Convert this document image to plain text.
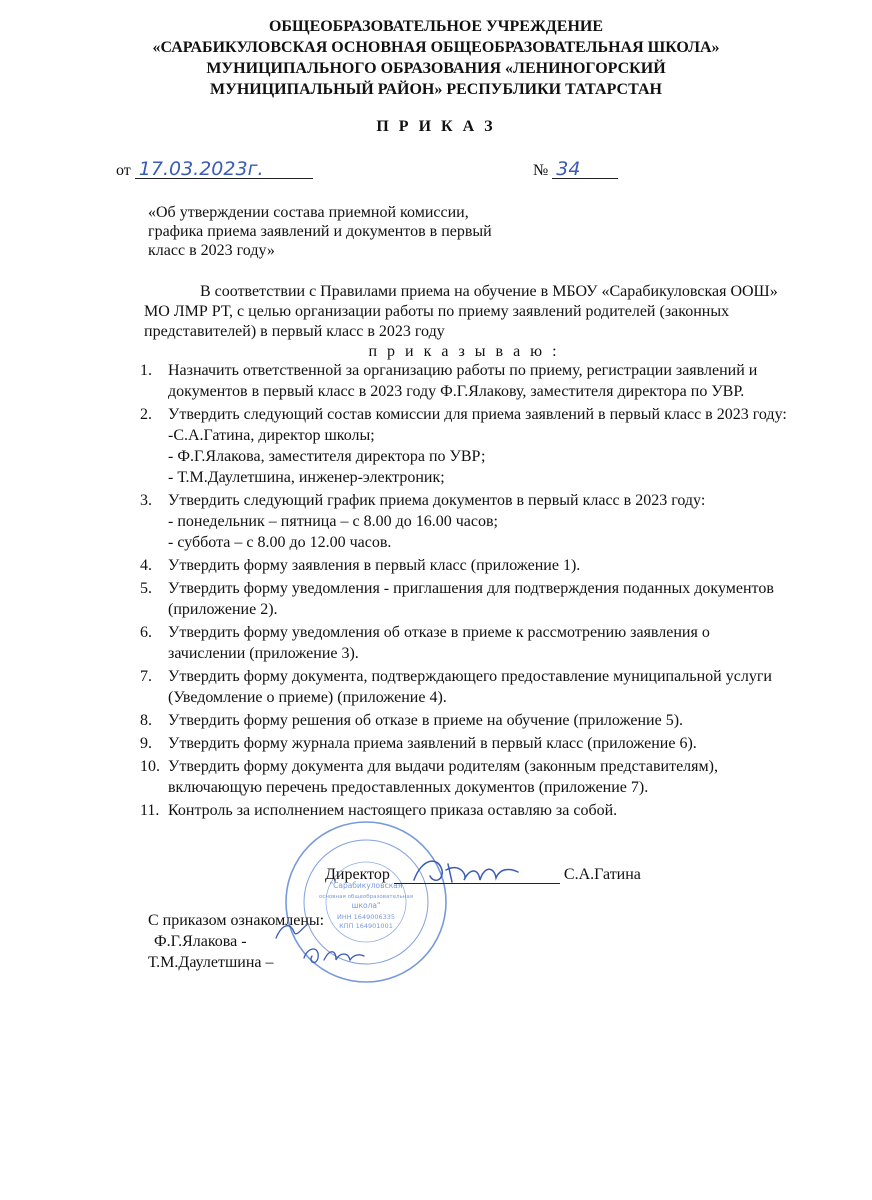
ОБЩЕОБРАЗОВАТЕЛЬНОЕ УЧРЕЖДЕНИЕ
«САРАБИКУЛОВСКАЯ ОСНОВНАЯ ОБЩЕОБРАЗОВАТЕЛЬНАЯ ШКОЛА»
МУНИЦИПАЛЬНОГО ОБРАЗОВАНИЯ «ЛЕНИНОГОРСКИЙ
МУНИЦИПАЛЬНЫЙ РАЙОН» РЕСПУБЛИКИ ТАТАРСТАН
П Р И К А З
от 17.03.2023г.	№ 34
«Об утверждении состава приемной комиссии,
графика приема заявлений и документов в первый
класс в 2023 году»

В соответствии с Правилами приема на обучение в МБОУ «Сарабикуловская ООШ» МО ЛМР РТ, с целью организации работы по приему заявлений родителей (законных представителей) в первый класс в 2023 году

п р и к а з ы в а ю :
1.	Назначить ответственной за организацию работы по приему, регистрации заявлений и документов в первый класс в 2023 году Ф.Г.Ялакову, заместителя директора по УВР.
2.	Утвердить следующий состав комиссии для приема заявлений в первый класс в 2023 году:
-С.А.Гатина, директор школы;
- Ф.Г.Ялакова, заместителя директора по УВР;
- Т.М.Даулетшина, инженер-электроник;
3.	Утвердить следующий график приема документов в первый класс в 2023 году:
- понедельник – пятница – с 8.00 до 16.00 часов;
- суббота – с 8.00 до 12.00 часов.
4.	Утвердить форму заявления в первый класс (приложение 1).
5.	Утвердить форму уведомления - приглашения для подтверждения поданных документов (приложение 2).
6.	Утвердить форму уведомления об отказе в приеме к рассмотрению заявления о зачислении (приложение 3).
7.	Утвердить форму документа, подтверждающего предоставление муниципальной услуги (Уведомление о приеме) (приложение 4).
8.	Утвердить форму решения об отказе в приеме на обучение (приложение 5).
9.	Утвердить форму журнала приема заявлений в первый класс (приложение 6).
10. Утвердить форму документа для выдачи родителям (законным представителям), включающую перечень предоставленных документов (приложение 7).
11. Контроль за исполнением настоящего приказа оставляю за собой.
"Сарабикуловская
основная общеобразовательная
школа"
ИНН 1649006335
КПП 164901001
Директор	С.А.Гатина
С приказом ознакомлены:
Ф.Г.Ялакова -
Т.М.Даулетшина –
